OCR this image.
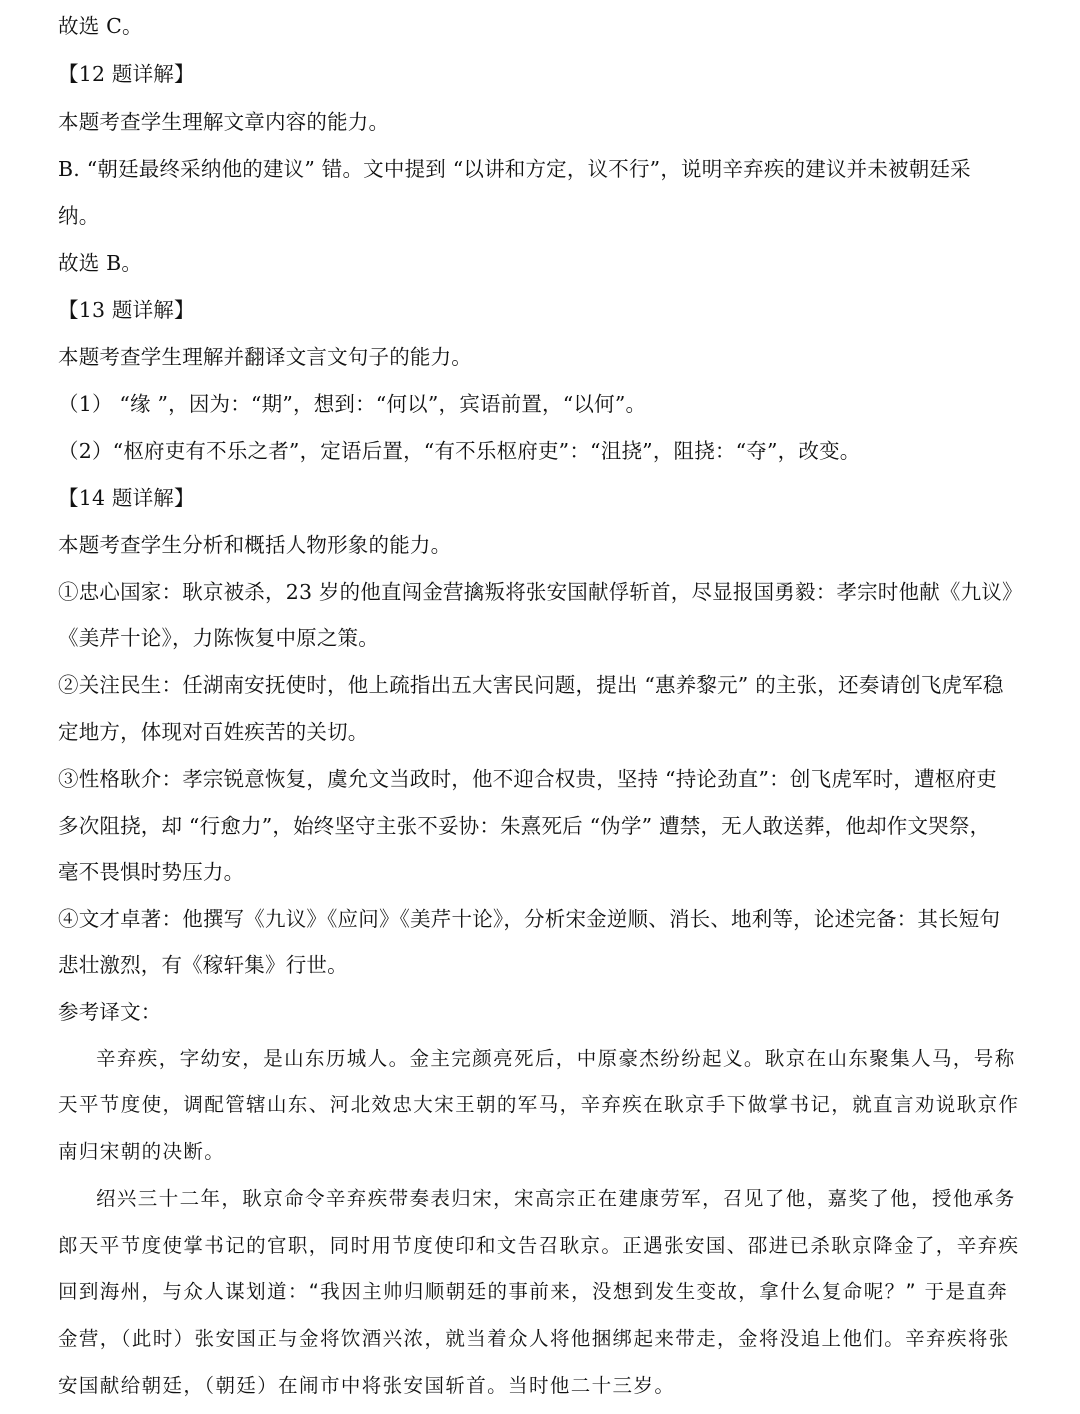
故选 C。
【12 题详解】
本题考查学生理解文章内容的能力。
B. “朝廷最终采纳他的建议” 错。文中提到 “以讲和方定，议不行”，说明辛弃疾的建议并未被朝廷采
纳。
故选 B。
【13 题详解】
本题考查学生理解并翻译文言文句子的能力。
（1） “缘 ”，因为：“期”，想到：“何以”，宾语前置，“以何”。
（2）“枢府吏有不乐之者”，定语后置，“有不乐枢府吏”：“沮挠”，阻挠：“夺”，改变。
【14 题详解】
本题考查学生分析和概括人物形象的能力。
①忠心国家：耿京被杀，23 岁的他直闯金营擒叛将张安国献俘斩首，尽显报国勇毅：孝宗时他献《九议》
《美芹十论》，力陈恢复中原之策。
②关注民生：任湖南安抚使时，他上疏指出五大害民问题，提出 “惠养黎元” 的主张，还奏请创飞虎军稳
定地方，体现对百姓疾苦的关切。
③性格耿介：孝宗锐意恢复，虞允文当政时，他不迎合权贵，坚持 “持论劲直”：创飞虎军时，遭枢府吏
多次阻挠，却 “行愈力”，始终坚守主张不妥协：朱熹死后 “伪学” 遭禁，无人敢送葬，他却作文哭祭，
毫不畏惧时势压力。
④文才卓著：他撰写《九议》《应问》《美芹十论》，分析宋金逆顺、消长、地利等，论述完备：其长短句
悲壮激烈，有《稼轩集》行世。
参考译文：
辛弃疾，字幼安，是山东历城人。金主完颜亮死后，中原豪杰纷纷起义。耿京在山东聚集人马，号称
天平节度使，调配管辖山东、河北效忠大宋王朝的军马，辛弃疾在耿京手下做掌书记，就直言劝说耿京作
南归宋朝的决断。
绍兴三十二年，耿京命令辛弃疾带奏表归宋，宋高宗正在建康劳军，召见了他，嘉奖了他，授他承务
郎天平节度使掌书记的官职，同时用节度使印和文告召耿京。正遇张安国、邵进已杀耿京降金了，辛弃疾
回到海州，与众人谋划道：“我因主帅归顺朝廷的事前来，没想到发生变故，拿什么复命呢？” 于是直奔
金营，（此时）张安国正与金将饮酒兴浓，就当着众人将他捆绑起来带走，金将没追上他们。辛弃疾将张
安国献给朝廷，（朝廷）在闹市中将张安国斩首。当时他二十三岁。
